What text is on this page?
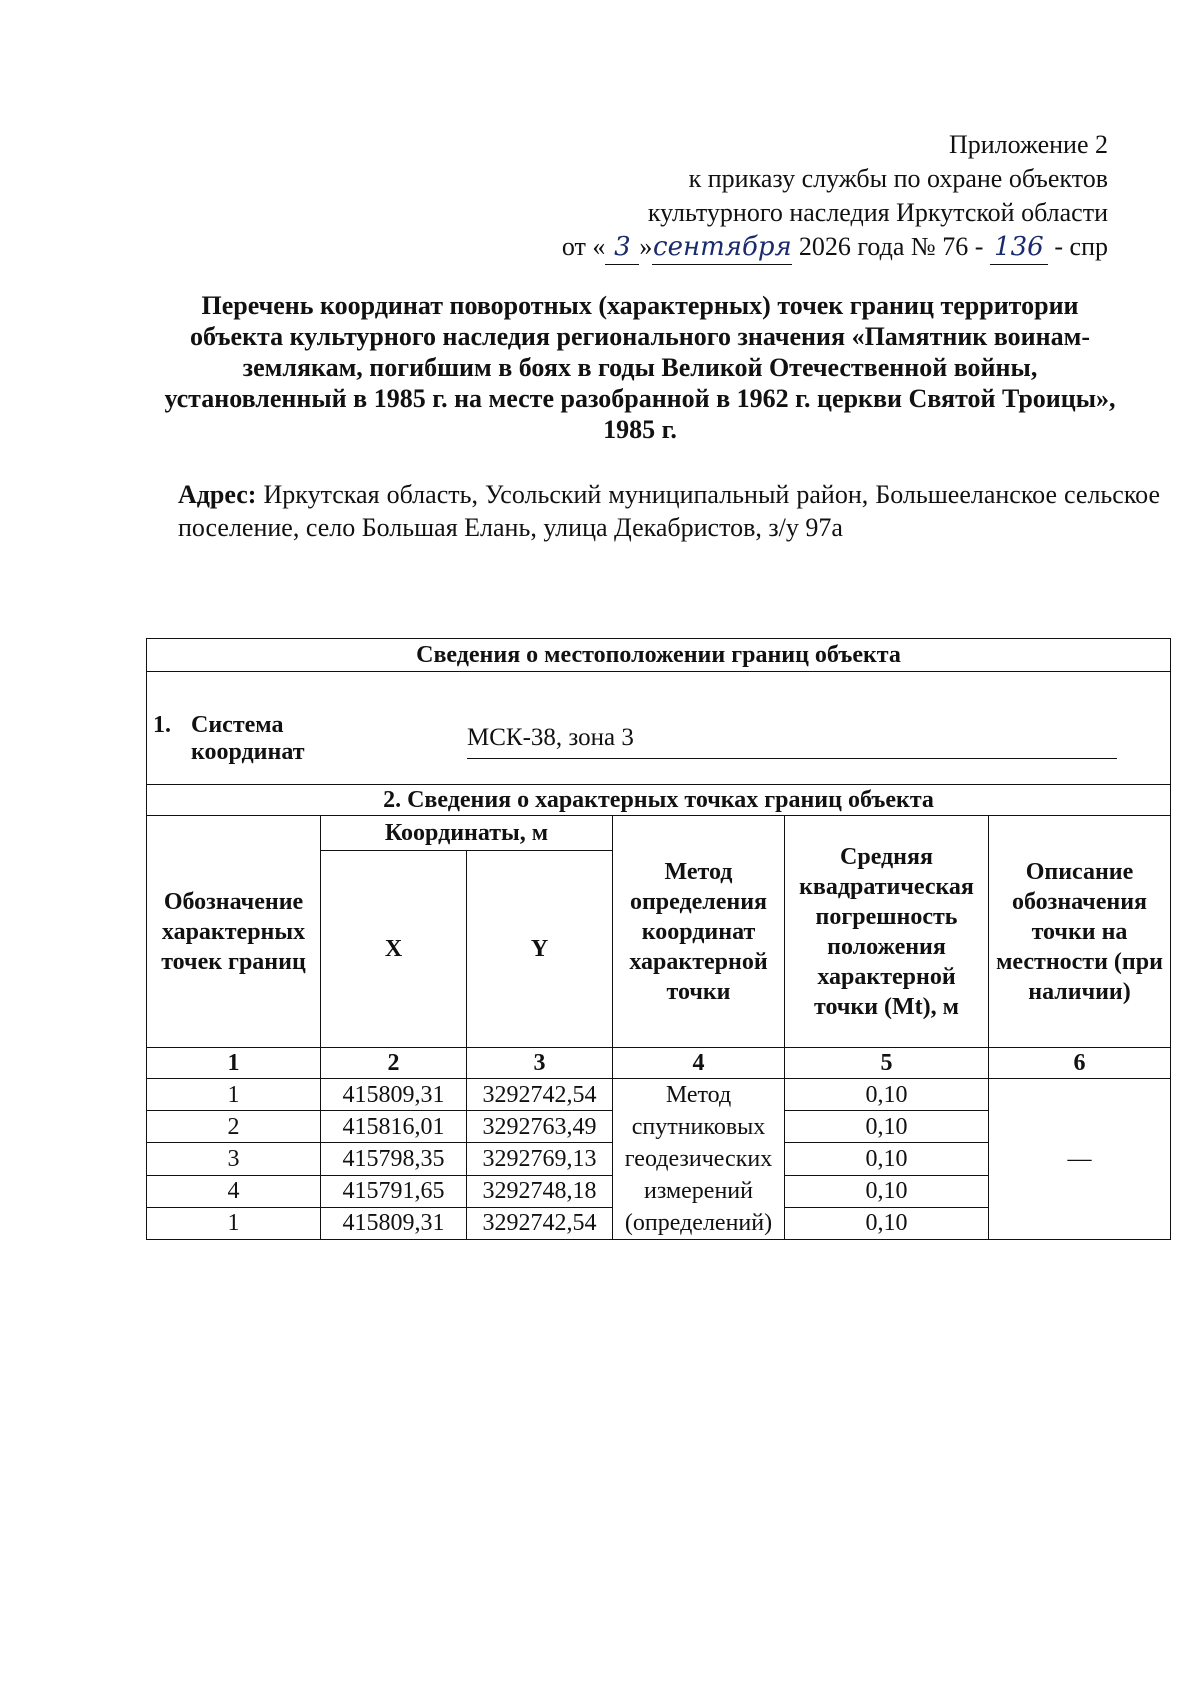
Приложение 2
к приказу службы по охране объектов
культурного наследия Иркутской области
от « 3 »сентября 2026 года № 76 - 136 - спр
Перечень координат поворотных (характерных) точек границ территории объекта культурного наследия регионального значения «Памятник воинам-землякам, погибшим в боях в годы Великой Отечественной войны, установленный в 1985 г. на месте разобранной в 1962 г. церкви Святой Троицы», 1985 г.
Адрес: Иркутская область, Усольский муниципальный район, Большееланское сельское поселение, село Большая Елань, улица Декабристов, з/у 97а
Сведения о местоположении границ объекта					

1. Система
координат
МСК-38, зона 3					

2. Сведения о характерных точках границ объекта					
Обозначение характерных точек границ	Координаты, м		Метод определения координат характерной точки	Средняя квадратическая погрешность положения характерной точки (Mt), м	Описание обозначения точки на местности (при наличии)
	X	Y			
1	2	3	4	5	6
1	415809,31	3292742,54	Метод спутниковых геодезических измерений (определений)	0,10	—
2	415816,01	3292763,49		0,10	
3	415798,35	3292769,13		0,10	
4	415791,65	3292748,18		0,10	
1	415809,31	3292742,54		0,10	
